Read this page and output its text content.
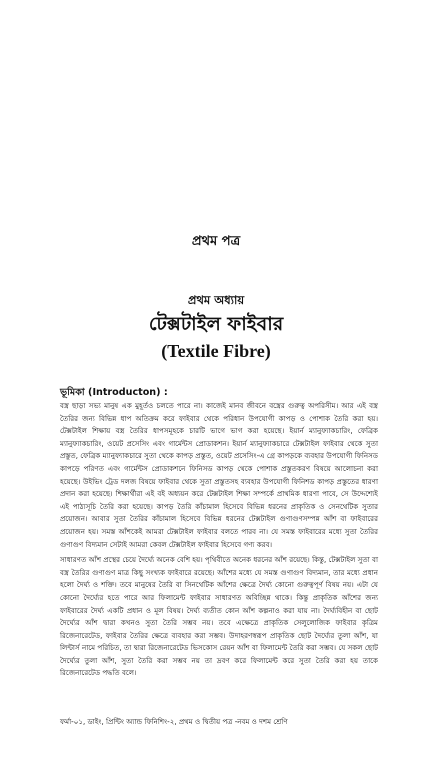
প্রথম পত্র
প্রথম অধ্যায়
টেক্সটাইল ফাইবার
(Textile Fibre)
ভূমিকা (Introducton) :

বস্ত্র ছাড়া সভ্য মানুষ এক মুহূর্তও চলতে পারে না। কাজেই মানব জীবনে বস্ত্রের গুরুত্ব অপরিসীম। আর এই বস্ত্র তৈরির জন্য বিভিন্ন ধাপ অতিক্রম করে ফাইবার থেকে পরিধান উপযোগী কাপড় ও পোশাক তৈরি করা হয়। টেক্সটাইল শিক্ষায় বস্ত্র তৈরির ধাপসমূহকে চারটি ভাগে ভাগ করা হয়েছে। ইয়ার্ন ম্যানুফ্যাকচারিং, ফেব্রিক ম্যানুফ্যাকচারিং, ওয়েট প্রসেসিং এবং গার্মেন্টস প্রোডাকশন। ইয়ার্ন ম্যানুফ্যাকচারে টেক্সটাইল ফাইবার থেকে সুতা প্রস্তুত, ফেব্রিক ম্যানুফ্যাকচারে সুতা থেকে কাপড় প্রস্তুত, ওয়েট প্রসেসিং-এ গ্রে কাপড়কে ব্যবহার উপযোগী ফিনিসড কাপড়ে পরিণত এবং গার্মেন্টস প্রোডাকশনে ফিনিসড কাপড় থেকে পোশাক প্রস্তুতকরণ বিষয়ে আলোচনা করা হয়েছে। উইভিং ট্রেড দলজ বিষয়ে ফাইবার থেকে সুতা প্রস্তুতসহ ব্যবহার উপযোগী ফিনিশড কাপড় প্রস্তুতের ধারণা প্রদান করা হয়েছে। শিক্ষার্থীরা এই বই অধ্যয়ন করে টেক্সটাইল শিক্ষা সম্পর্কে প্রাথমিক ধারণা পাবে, সে উদ্দেশ্যেই এই পাঠ্যসূচি তৈরি করা হয়েছে। কাপড় তৈরি কাঁচামাল হিসেবে বিভিন্ন ধরনের প্রাকৃতিক ও সেনথেটিক সুতার প্রয়োজন। আবার সুতা তৈরির কাঁচামাল হিসেবে বিভিন্ন ধরনের টেক্সটাইল গুণাগুণসম্পন্ন আঁশ বা ফাইবারের প্রয়োজন হয়। সমস্ত আঁশকেই আমরা টেক্সটাইল ফাইবার বলতে পারব না। যে সমস্ত ফাইবারের মধ্যে সুতা তৈরির গুণাগুণ বিদ্যমান সেটাই আমরা কেবল টেক্সটাইল ফাইবার হিসেবে গণ্য করব।

সাধারণত আঁশ প্রস্থের চেয়ে দৈর্ঘ্যে অনেক বেশি হয়। পৃথিবীতে অনেক ধরনের আঁশ রয়েছে। কিন্তু, টেক্সটাইল সুতা বা বস্ত্র তৈরির গুণাগুণ মাত্র কিছু সংখ্যক ফাইবারে রয়েছে। আঁশের মধ্যে যে সমস্ত গুণাগুণ বিদ্যমান, তার মধ্যে প্রধান হলো দৈর্ঘ্য ও শক্তি। তবে মানুষের তৈরি বা সিনথেটিক আঁশের ক্ষেত্রে দৈর্ঘ্য কোনো গুরুত্বপূর্ণ বিষয় নয়। এটা যে কোনো দৈর্ঘ্যের হতে পারে আর ফিলামেন্ট ফাইবার সাধারণত অবিচ্ছিন্ন থাকে। কিন্তু প্রাকৃতিক আঁশের জন্য ফাইবারের দৈর্ঘ্য একটি প্রধান ও মূল বিষয়। দৈর্ঘ্য ব্যতীত কোন আঁশ কল্পনাও করা যায় না। দৈর্ঘ্যবিহীন বা ছোট দৈর্ঘ্যের আঁশ দ্বারা কখনও সুতা তৈরি সম্ভব নয়। তবে এক্ষেত্রে প্রাকৃতিক সেলুলোজিক ফাইবার কৃত্রিম রিজেনারেটেড, ফাইবার তৈরির ক্ষেত্রে ব্যবহার করা সম্ভব। উদাহরণস্বরূপ প্রাকৃতিক ছোট দৈর্ঘ্যের তুলা আঁশ, যা লিন্টার্স নামে পরিচিত, তা দ্বারা রিজেনারেটেড ভিসকোস রেয়ন আঁশ বা ফিলামেন্ট তৈরি করা সম্ভব। যে সকল ছোট দৈর্ঘ্যের তুলা আঁশ, সুতা তৈরি করা সম্ভব নয় তা দ্রবণ করে ফিলামেন্ট করে সুতা তৈরি করা হয় তাকে রিজেনারেটেড পদ্ধতি বলে।

ফর্মা-০১, ডাইং, প্রিন্টিং অ্যান্ড ফিনিশিং-২, প্রথম ও দ্বিতীয় পত্র -নবম ও দশম শ্রেণি
